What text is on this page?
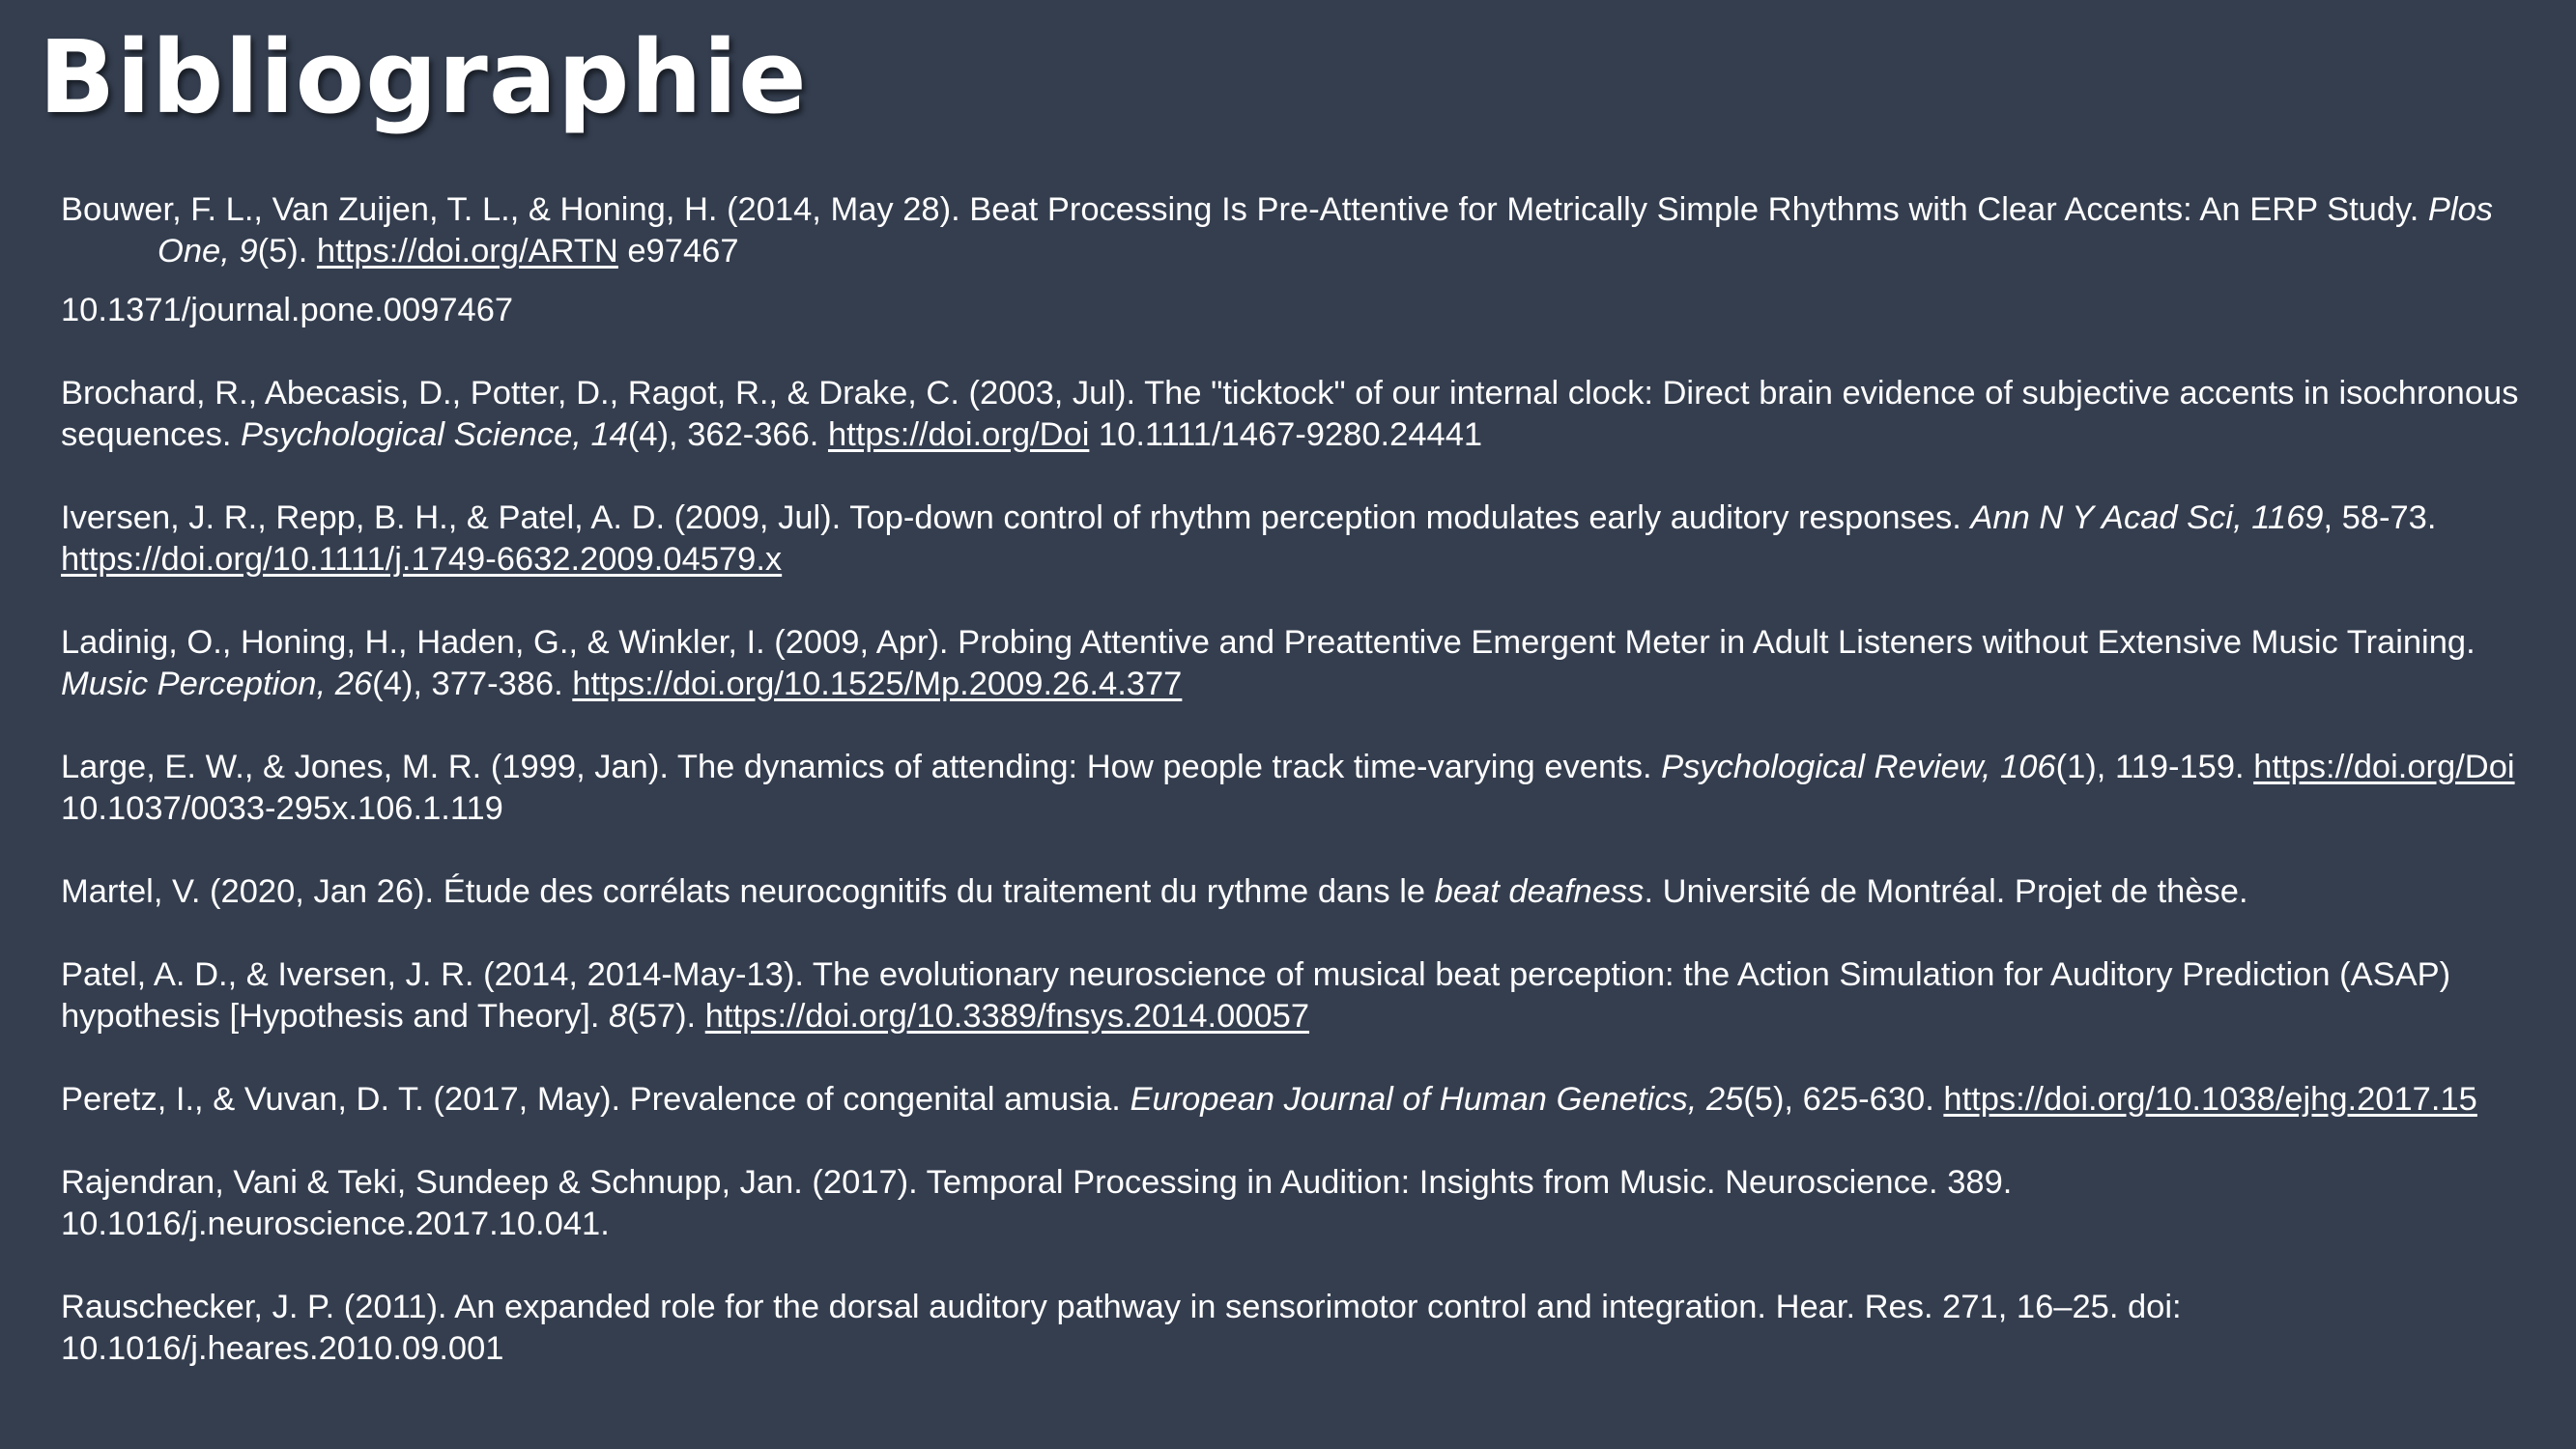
Bibliographie

Bouwer, F. L., Van Zuijen, T. L., & Honing, H. (2014, May 28). Beat Processing Is Pre-Attentive for Metrically Simple Rhythms with Clear Accents: An ERP Study. Plos One, 9(5). https://doi.org/ARTN e97467

10.1371/journal.pone.0097467

Brochard, R., Abecasis, D., Potter, D., Ragot, R., & Drake, C. (2003, Jul). The "ticktock" of our internal clock: Direct brain evidence of subjective accents in isochronous sequences. Psychological Science, 14(4), 362-366. https://doi.org/Doi 10.1111/1467-9280.24441

Iversen, J. R., Repp, B. H., & Patel, A. D. (2009, Jul). Top-down control of rhythm perception modulates early auditory responses. Ann N Y Acad Sci, 1169, 58-73. https://doi.org/10.1111/j.1749-6632.2009.04579.x

Ladinig, O., Honing, H., Haden, G., & Winkler, I. (2009, Apr). Probing Attentive and Preattentive Emergent Meter in Adult Listeners without Extensive Music Training. Music Perception, 26(4), 377-386. https://doi.org/10.1525/Mp.2009.26.4.377

Large, E. W., & Jones, M. R. (1999, Jan). The dynamics of attending: How people track time-varying events. Psychological Review, 106(1), 119-159. https://doi.org/Doi 10.1037/0033-295x.106.1.119

Martel, V. (2020, Jan 26). Étude des corrélats neurocognitifs du traitement du rythme dans le beat deafness. Université de Montréal. Projet de thèse.

Patel, A. D., & Iversen, J. R. (2014, 2014-May-13). The evolutionary neuroscience of musical beat perception: the Action Simulation for Auditory Prediction (ASAP) hypothesis [Hypothesis and Theory]. 8(57). https://doi.org/10.3389/fnsys.2014.00057

Peretz, I., & Vuvan, D. T. (2017, May). Prevalence of congenital amusia. European Journal of Human Genetics, 25(5), 625-630. https://doi.org/10.1038/ejhg.2017.15

Rajendran, Vani & Teki, Sundeep & Schnupp, Jan. (2017). Temporal Processing in Audition: Insights from Music. Neuroscience. 389. 10.1016/j.neuroscience.2017.10.041.

Rauschecker, J. P. (2011). An expanded role for the dorsal auditory pathway in sensorimotor control and integration. Hear. Res. 271, 16–25. doi: 10.1016/j.heares.2010.09.001
